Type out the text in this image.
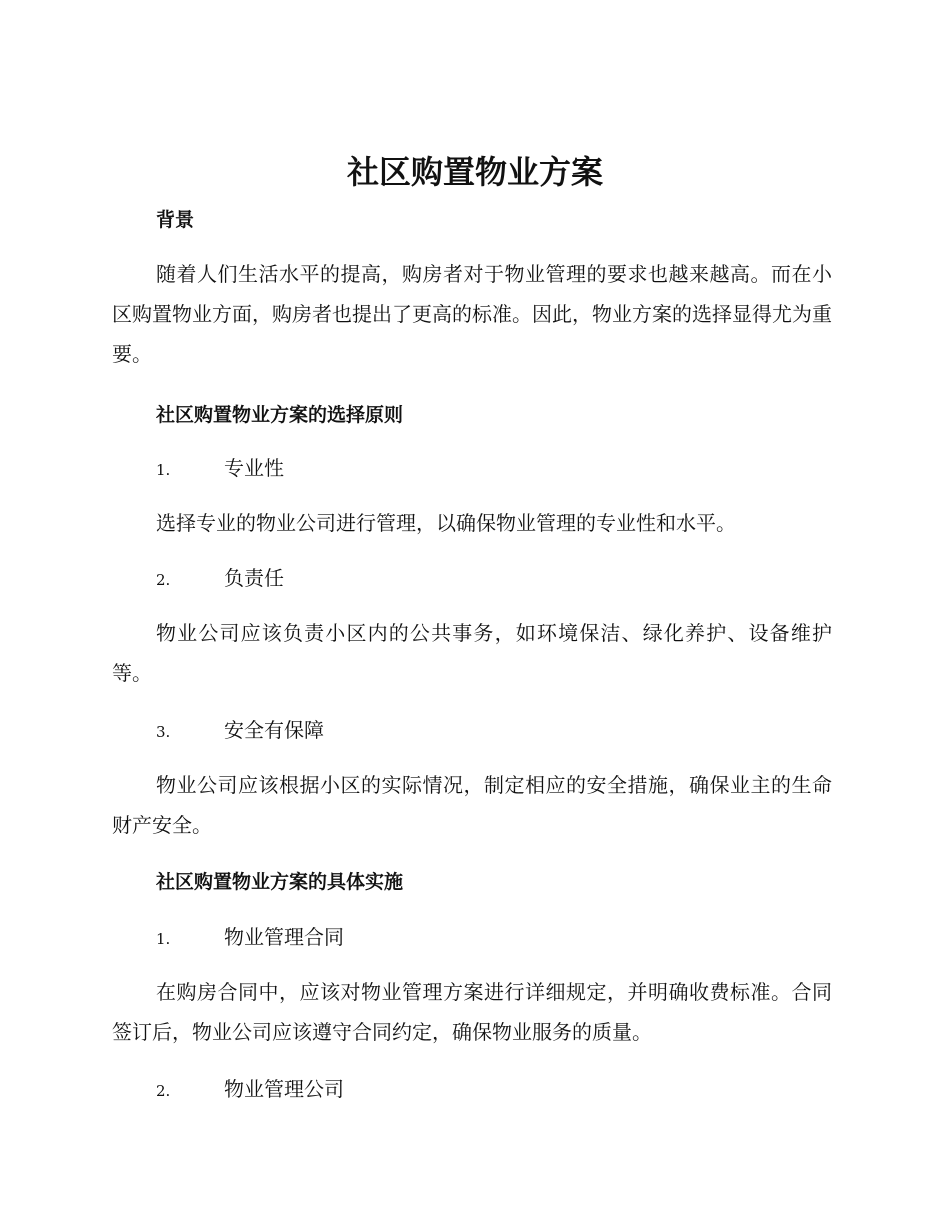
社区购置物业方案
背景

随着人们生活水平的提高，购房者对于物业管理的要求也越来越高。而在小区购置物业方面，购房者也提出了更高的标准。因此，物业方案的选择显得尤为重要。

社区购置物业方案的选择原则
1.	专业性

选择专业的物业公司进行管理，以确保物业管理的专业性和水平。

2.	负责任

物业公司应该负责小区内的公共事务，如环境保洁、绿化养护、设备维护等。

3.	安全有保障

物业公司应该根据小区的实际情况，制定相应的安全措施，确保业主的生命财产安全。

社区购置物业方案的具体实施
1.	物业管理合同

在购房合同中，应该对物业管理方案进行详细规定，并明确收费标准。合同签订后，物业公司应该遵守合同约定，确保物业服务的质量。

2.	物业管理公司
